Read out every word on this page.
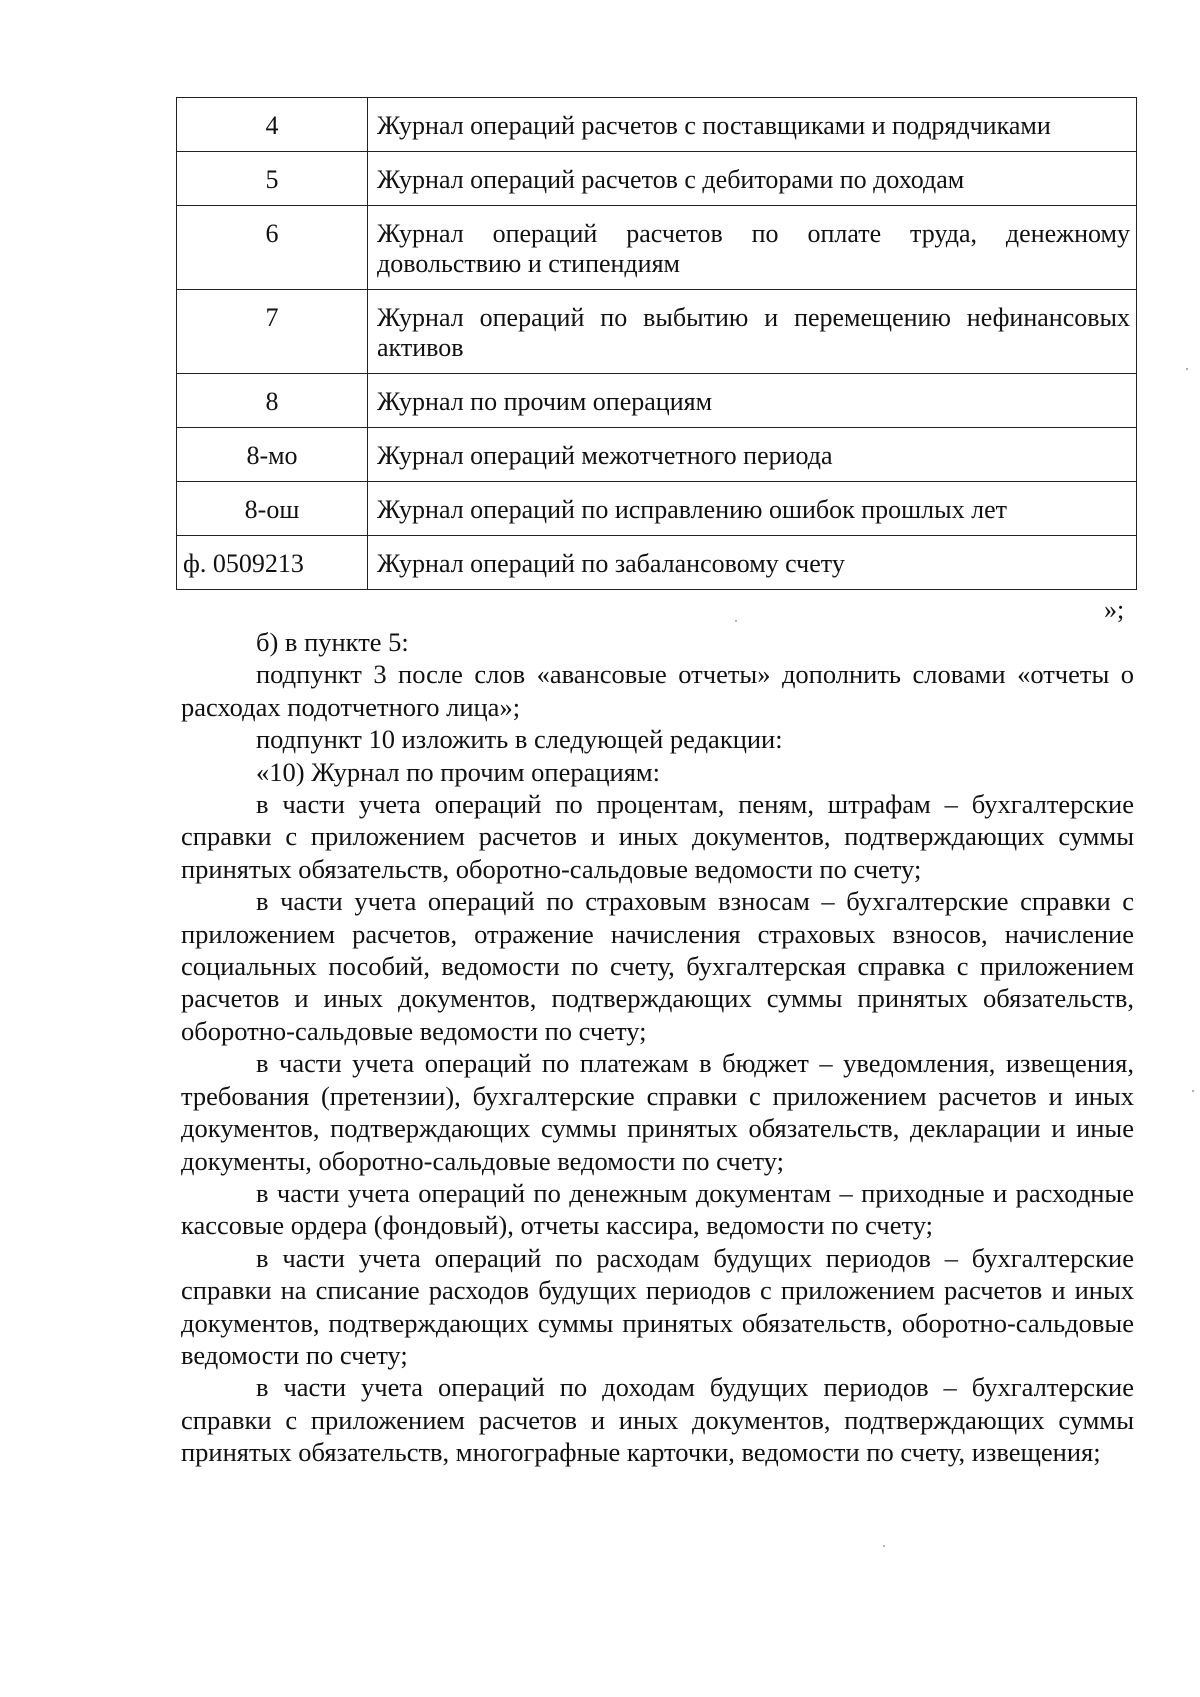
4	Журнал операций расчетов с поставщиками и подрядчиками
5	Журнал операций расчетов с дебиторами по доходам
6	Журнал операций расчетов по оплате труда, денежному довольствию и стипендиям
7	Журнал операций по выбытию и перемещению нефинансовых активов
8	Журнал по прочим операциям
8-мо	Журнал операций межотчетного периода
8-ош	Журнал операций по исправлению ошибок прошлых лет
ф. 0509213	Журнал операций по забалансовому счету
»;

б) в пункте 5:

подпункт 3 после слов «авансовые отчеты» дополнить словами «отчеты о расходах подотчетного лица»;

подпункт 10 изложить в следующей редакции:

«10) Журнал по прочим операциям:

в части учета операций по процентам, пеням, штрафам – бухгалтерские справки с приложением расчетов и иных документов, подтверждающих суммы принятых обязательств, оборотно-сальдовые ведомости по счету;

в части учета операций по страховым взносам – бухгалтерские справки с приложением расчетов, отражение начисления страховых взносов, начисление социальных пособий, ведомости по счету, бухгалтерская справка с приложением расчетов и иных документов, подтверждающих суммы принятых обязательств, оборотно-сальдовые ведомости по счету;

в части учета операций по платежам в бюджет – уведомления, извещения, требования (претензии), бухгалтерские справки с приложением расчетов и иных документов, подтверждающих суммы принятых обязательств, декларации и иные документы, оборотно-сальдовые ведомости по счету;

в части учета операций по денежным документам – приходные и расходные кассовые ордера (фондовый), отчеты кассира, ведомости по счету;

в части учета операций по расходам будущих периодов – бухгалтерские справки на списание расходов будущих периодов с приложением расчетов и иных документов, подтверждающих суммы принятых обязательств, оборотно-сальдовые ведомости по счету;

в части учета операций по доходам будущих периодов – бухгалтерские справки с приложением расчетов и иных документов, подтверждающих суммы принятых обязательств, многографные карточки, ведомости по счету, извещения;
